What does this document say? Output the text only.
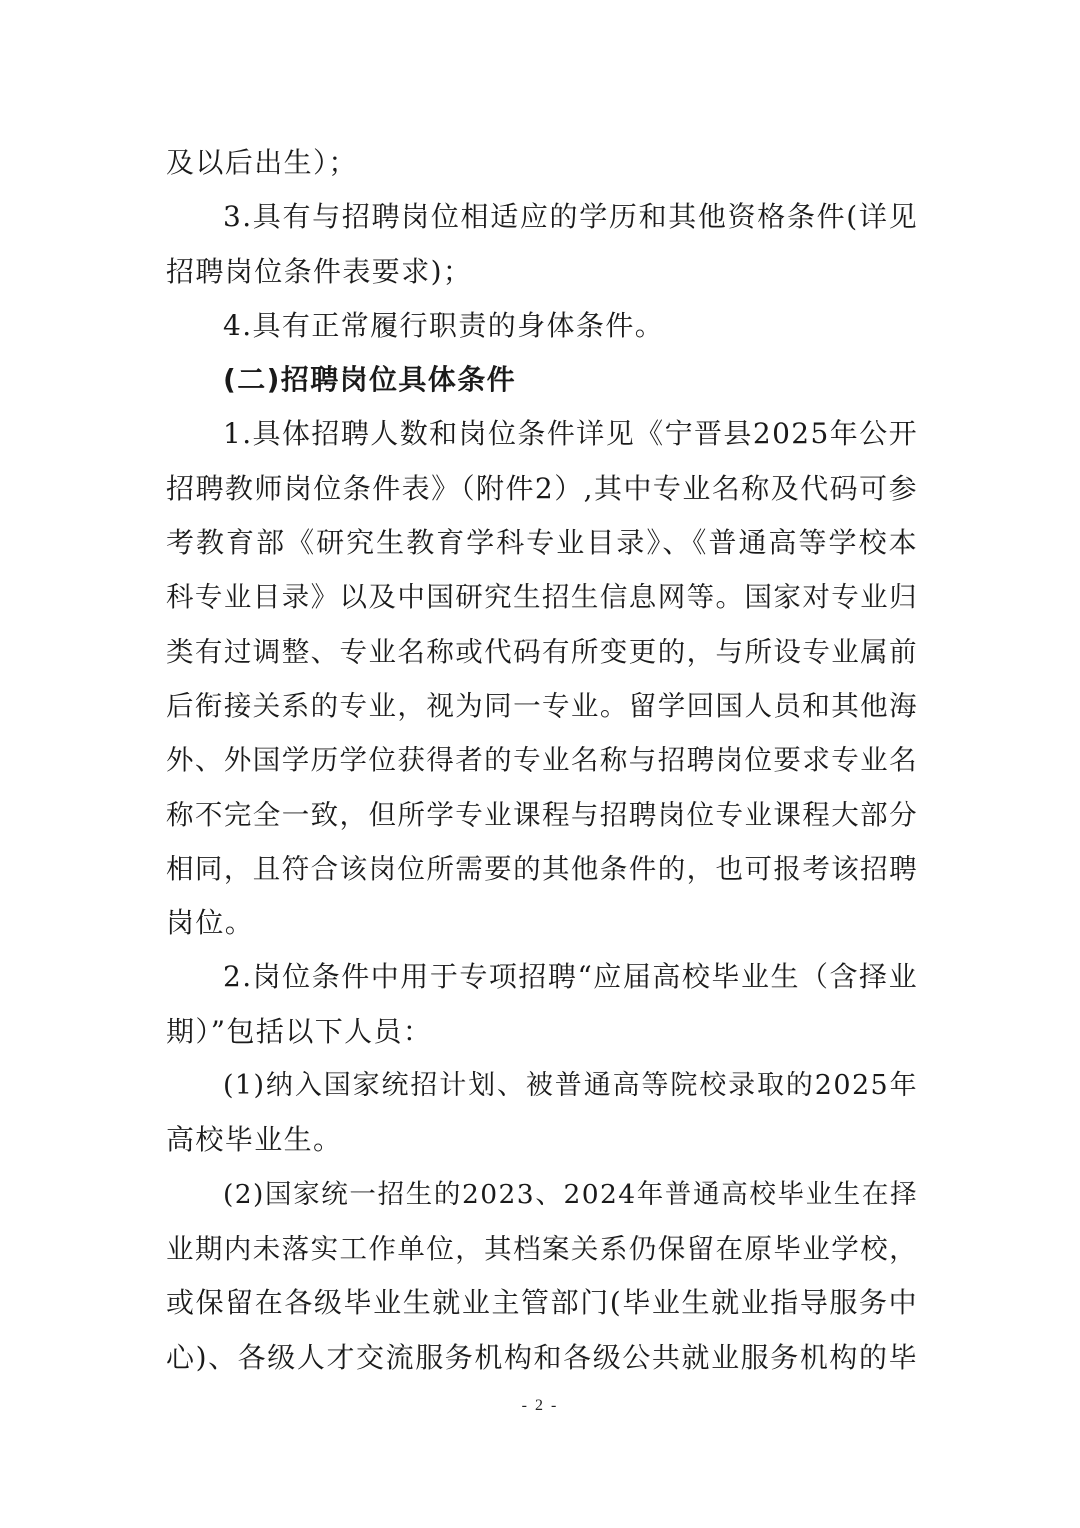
及以后出生）；
3.具有与招聘岗位相适应的学历和其他资格条件(详见
招聘岗位条件表要求)；
4.具有正常履行职责的身体条件。
(二)招聘岗位具体条件
1.具体招聘人数和岗位条件详见《宁晋县2025年公开
招聘教师岗位条件表》（附件2）,其中专业名称及代码可参
考教育部《研究生教育学科专业目录》、《普通高等学校本
科专业目录》以及中国研究生招生信息网等。国家对专业归
类有过调整、专业名称或代码有所变更的，与所设专业属前
后衔接关系的专业，视为同一专业。留学回国人员和其他海
外、外国学历学位获得者的专业名称与招聘岗位要求专业名
称不完全一致，但所学专业课程与招聘岗位专业课程大部分
相同，且符合该岗位所需要的其他条件的，也可报考该招聘
岗位。
2.岗位条件中用于专项招聘“应届高校毕业生（含择业
期）”包括以下人员：
(1)纳入国家统招计划、被普通高等院校录取的2025年
高校毕业生。
(2)国家统一招生的2023、2024年普通高校毕业生在择
业期内未落实工作单位，其档案关系仍保留在原毕业学校，
或保留在各级毕业生就业主管部门(毕业生就业指导服务中
心)、各级人才交流服务机构和各级公共就业服务机构的毕
- 2 -
